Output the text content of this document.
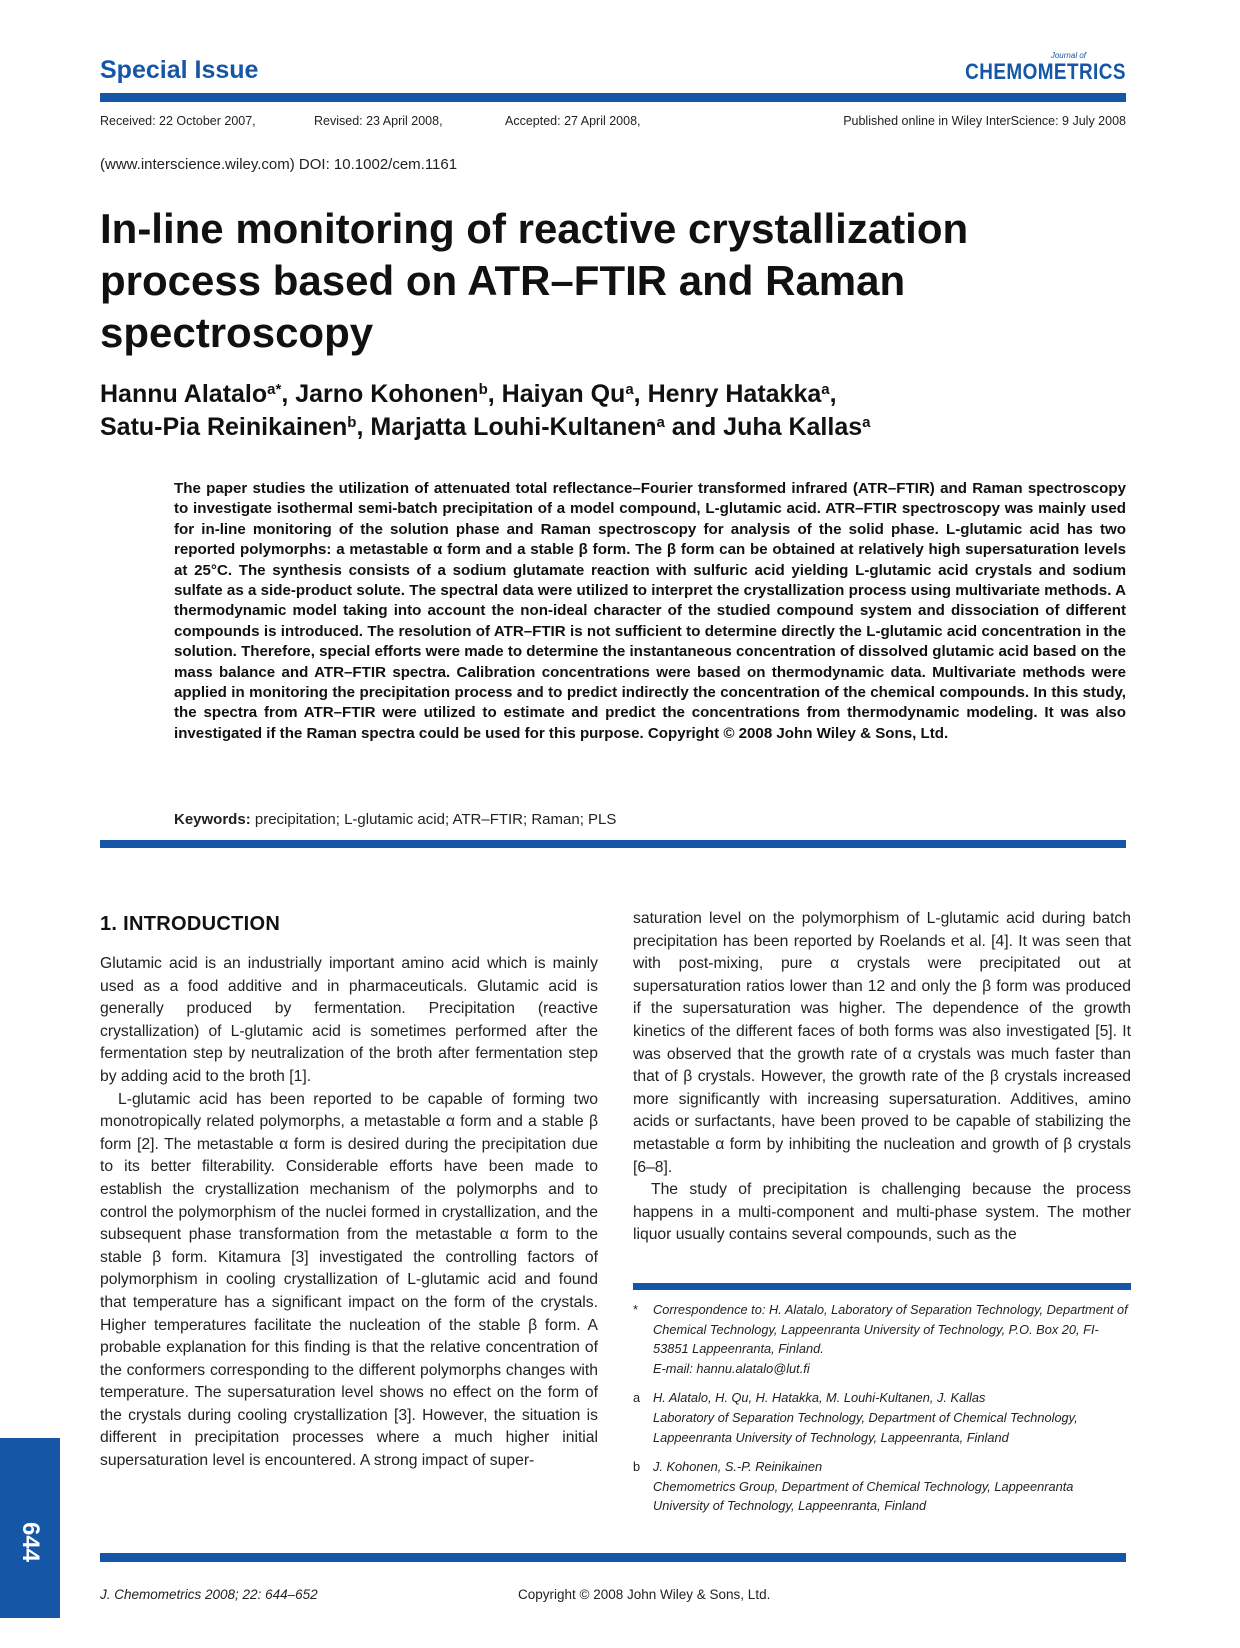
Special Issue
Journal of
CHEMOMETRICS
Received: 22 October 2007,	Revised: 23 April 2008,	Accepted: 27 April 2008,	Published online in Wiley InterScience: 9 July 2008
(www.interscience.wiley.com) DOI: 10.1002/cem.1161
In-line monitoring of reactive crystallization process based on ATR–FTIR and Raman spectroscopy
Hannu Alatalo$^{a*}$, Jarno Kohonen$^b$, Haiyan Qu$^a$, Henry Hatakka$^a$,
Satu-Pia Reinikainen$^b$, Marjatta Louhi-Kultanen$^a$ and Juha Kallas$^a$
The paper studies the utilization of attenuated total reflectance–Fourier transformed infrared (ATR–FTIR) and Raman spectroscopy to investigate isothermal semi-batch precipitation of a model compound, L-glutamic acid. ATR–FTIR spectroscopy was mainly used for in-line monitoring of the solution phase and Raman spectroscopy for analysis of the solid phase. L-glutamic acid has two reported polymorphs: a metastable α form and a stable β form. The β form can be obtained at relatively high supersaturation levels at 25°C. The synthesis consists of a sodium glutamate reaction with sulfuric acid yielding L-glutamic acid crystals and sodium sulfate as a side-product solute. The spectral data were utilized to interpret the crystallization process using multivariate methods. A thermodynamic model taking into account the non-ideal character of the studied compound system and dissociation of different compounds is introduced. The resolution of ATR–FTIR is not sufficient to determine directly the L-glutamic acid concentration in the solution. Therefore, special efforts were made to determine the instantaneous concentration of dissolved glutamic acid based on the mass balance and ATR–FTIR spectra. Calibration concentrations were based on thermodynamic data. Multivariate methods were applied in monitoring the precipitation process and to predict indirectly the concentration of the chemical compounds. In this study, the spectra from ATR–FTIR were utilized to estimate and predict the concentrations from thermodynamic modeling. It was also investigated if the Raman spectra could be used for this purpose. Copyright © 2008 John Wiley & Sons, Ltd.
Keywords: precipitation; L-glutamic acid; ATR–FTIR; Raman; PLS
1. INTRODUCTION

Glutamic acid is an industrially important amino acid which is mainly used as a food additive and in pharmaceuticals. Glutamic acid is generally produced by fermentation. Precipitation (reactive crystallization) of L-glutamic acid is sometimes performed after the fermentation step by neutralization of the broth after fermentation step by adding acid to the broth [1].

L-glutamic acid has been reported to be capable of forming two monotropically related polymorphs, a metastable α form and a stable β form [2]. The metastable α form is desired during the precipitation due to its better filterability. Considerable efforts have been made to establish the crystallization mechanism of the polymorphs and to control the polymorphism of the nuclei formed in crystallization, and the subsequent phase transformation from the metastable α form to the stable β form. Kitamura [3] investigated the controlling factors of polymorphism in cooling crystallization of L-glutamic acid and found that temperature has a significant impact on the form of the crystals. Higher temperatures facilitate the nucleation of the stable β form. A probable explanation for this finding is that the relative concentration of the conformers corresponding to the different polymorphs changes with temperature. The supersaturation level shows no effect on the form of the crystals during cooling crystallization [3]. However, the situation is different in precipitation processes where a much higher initial supersaturation level is encountered. A strong impact of super-

saturation level on the polymorphism of L-glutamic acid during batch precipitation has been reported by Roelands et al. [4]. It was seen that with post-mixing, pure α crystals were precipitated out at supersaturation ratios lower than 12 and only the β form was produced if the supersaturation was higher. The dependence of the growth kinetics of the different faces of both forms was also investigated [5]. It was observed that the growth rate of α crystals was much faster than that of β crystals. However, the growth rate of the β crystals increased more significantly with increasing supersaturation. Additives, amino acids or surfactants, have been proved to be capable of stabilizing the metastable α form by inhibiting the nucleation and growth of β crystals [6–8].

The study of precipitation is challenging because the process happens in a multi-component and multi-phase system. The mother liquor usually contains several compounds, such as the

* Correspondence to: H. Alatalo, Laboratory of Separation Technology, Department of Chemical Technology, Lappeenranta University of Technology, P.O. Box 20, FI-53851 Lappeenranta, Finland.
E-mail: hannu.alatalo@lut.fi
a H. Alatalo, H. Qu, H. Hatakka, M. Louhi-Kultanen, J. Kallas
Laboratory of Separation Technology, Department of Chemical Technology, Lappeenranta University of Technology, Lappeenranta, Finland
b J. Kohonen, S.-P. Reinikainen
Chemometrics Group, Department of Chemical Technology, Lappeenranta University of Technology, Lappeenranta, Finland
644
J. Chemometrics 2008; 22: 644–652	Copyright © 2008 John Wiley & Sons, Ltd.
